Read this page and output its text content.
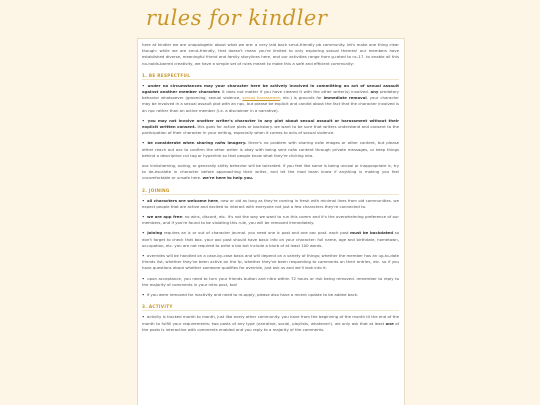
rules for kindler

here at kindler we are unapologetic about what we are: a very laid back smut-friendly pb community. let's make one thing clear though: while we are smut-friendly, that doesn't mean you're limited to only exploring sexual themes! our members have established diverse, meaningful friend and family storylines here, and our activities range from g-rated to nc-17. to enable all this no-holds-barred creativity, we have a simple set of rules meant to make this a safe and efficient community:

1. BE RESPECTFUL

• under no circumstances may your character here be actively involved in committing an act of sexual assault against another member character. it does not matter if you have cleared it with the other writer(s) involved. any predatory behavior whatsoever (grooming, sexual violence, sexual harassment, etc.) is grounds for immediate removal. your character may be involved in a sexual assault plot with an npc, but please be explicit and candid about the fact that the character involved is an npc rather than an active member (i.e. a disclaimer in a narrative).

• you may not involve another writer's character in any plot about sexual assault or harassment without their explicit written consent. this goes for active plots or backstory. we want to be sure that writers understand and consent to the participation of their character in your writing, especially when it comes to acts of sexual violence.

• be considerate when sharing nsfw imagery. there's no problem with sharing nsfw images or other content, but please either reach out ooc to confirm the other writer is okay with being sent nsfw content through private messages, or keep things behind a descriptive cut tag or hyperlink so that people know what they're clicking into.

ooc kinkshaming, outing, or generally shitty behavior will be tolerated. if you feel like some is being uncool or inappropriate ic, try to de-escalate in character before approaching their writer, and let the mod team know if anything is making you feel uncomfortable or unsafe here. we're here to help you.

2. JOINING

• all characters are welcome here, new or old as long as they're coming in fresh with minimal lines from old communities. we expect people that are active and excited to interact with everyone not just a few characters they're connected to.

• we are app free: no wins, discord, etc. it's not the way we want to run this comm and it's the overwhelming preference of our members, and if you're found to be violating this rule, you will be removed immediately.

• joining requires an ic or out of character journal. you need one ic post and one ooc post. each post must be backdated so don't forget to check that box. your ooc post should have basic info on your character: full name, age and birthdate, hometown, occupation, etc. you are not required to write a bio but include a blurb of at least 100 words.

• overrides will be handled on a case-by-case basis and will depend on a variety of things; whether the member has an up-to-date friends list, whether they've been active on the fp, whether they've been responding to comments on their entries, etc. so if you have questions about whether someone qualifies for override, just ask us and we'll look into it.

• upon acceptance, you need to turn your friends button and nitro within 72 hours or risk being removed. remember to reply to the majority of comments in your intro post, too!

• if you were removed for inactivity and need to re-apply, please also have a recent update to be added back.

3. ACTIVITY

• activity is tracked month to month, just like every other community. you have from the beginning of the month til the end of the month to fulfill your requirements: two posts of any type (narrative, social, playlists, whatever!). we only ask that at least one of the posts is interactive with comments enabled and you reply to a majority of the comments.
